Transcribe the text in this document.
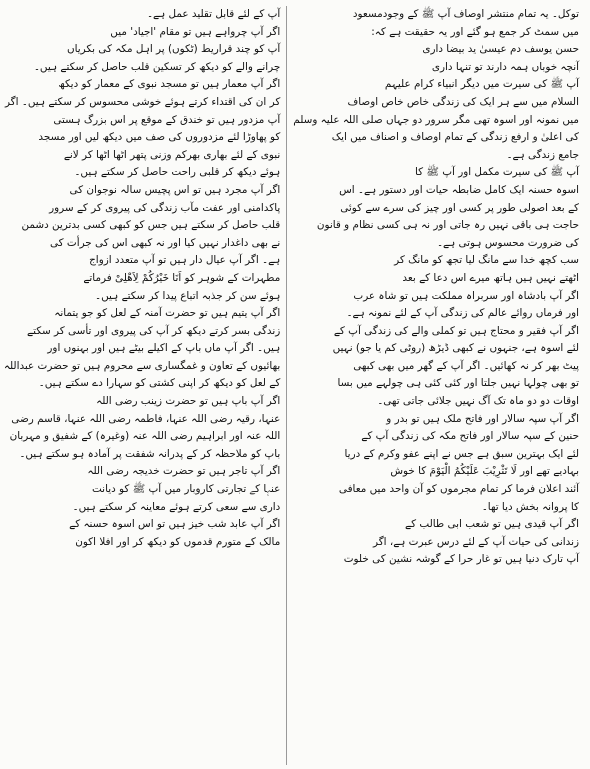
توکل۔ یہ تمام منتشر اوصاف آپ ﷺ کے وجودمسعود
میں سمٹ کر جمع ہو گئے اور یہ حقیقت ہے کہ:
حسن یوسف دم عیسیٰ ید بیضا داری
آنچہ خوباں ہمہ دارند تو تنہا داری
آپ ﷺ کی سیرت میں دیگر انبیاء کرام علیہم
السلام میں سے ہر ایک کی زندگی خاص خاص اوصاف
میں نمونہ اور اسوہ تھی مگر سرور دو جہاں صلی اللہ علیہ وسلم
کی اعلیٰ و ارفع زندگی کے تمام اوصاف و اصناف میں ایک
جامع زندگی ہے۔
آپ ﷺ کی سیرت مکمل اور آپ ﷺ کا
اسوہ حسنہ ایک کامل ضابطہ حیات اور دستور ہے۔ اس
کے بعد اصولی طور پر کسی اور چیز کی سرے سے کوئی
حاجت ہی باقی نہیں رہ جاتی اور نہ ہی کسی نظام و قانون
کی ضرورت محسوس ہوتی ہے۔
سب کچھ خدا سے مانگ لیا تجھ کو مانگ کر
اٹھتے نہیں ہیں ہاتھ میرے اس دعا کے بعد
اگر آپ بادشاہ اور سربراہ مملکت ہیں تو شاہ عرب
اور فرماں روائے عالم کی زندگی آپ کے لئے نمونہ ہے۔
اگر آپ فقیر و محتاج ہیں تو کملی والے کی زندگی آپ کے
لئے اسوہ ہے، جنہوں نے کبھی ڈیڑھ (روٹی کم یا جو) نہیں
پیٹ بھر کر نہ کھائیں۔ اگر آپ کے گھر میں بھی کبھی
تو بھی چولہا نہیں جلتا اور کئی کئی ہی چولہے میں بسا
اوقات دو دو ماہ تک آگ نہیں جلائی جاتی تھی۔
اگر آپ سپہ سالار اور فاتح ملک ہیں تو بدر و
حنین کے سپہ سالار اور فاتح مکہ کی زندگی آپ کے
لئے ایک بہترین سبق ہے جس نے اپنے عفو وکرم کے دریا
بہادیے تھے اور لَا تَثْرِیْبَ عَلَیْکُمُ الْیَوْمَ کا خوش
آئند اعلان فرما کر تمام مجرموں کو آن واحد میں معافی
کا پروانہ بخش دیا تھا۔
اگر آپ قیدی ہیں تو شعب ابی طالب کے
زندانی کی حیات آپ کے لئے درس عبرت ہے، اگر
آپ تارک دنیا ہیں تو غار حرا کے گوشہ نشین کی خلوت
آپ کے لئے قابل تقلید عمل ہے۔
اگر آپ چرواہے ہیں تو مقام 'اجیاد' میں
آپ کو چند قراریط (ٹکوں) پر اہل مکہ کی بکریاں
چرانے والے کو دیکھ کر تسکین قلب حاصل کر سکتے ہیں۔
اگر آپ معمار ہیں تو مسجد نبوی کے معمار کو دیکھ
کر ان کی اقتداء کرتے ہوئے خوشی محسوس کر سکتے ہیں۔ اگر
آپ مزدور ہیں تو خندق کے موقع پر اس بزرگ ہستی
کو پھاوڑا لئے مزدوروں کی صف میں دیکھ لیں اور مسجد
نبوی کے لئے بھاری بھرکم وزنی پتھر اٹھا اٹھا کر لانے
ہوئے دیکھ کر قلبی راحت حاصل کر سکتے ہیں۔
اگر آپ مجرد ہیں تو اس پچیس سالہ نوجوان کی
پاکدامنی اور عفت مآب زندگی کی پیروی کر کے سرور
قلب حاصل کر سکتے ہیں جس کو کبھی کسی بدترین دشمن
نے بھی داغدار نہیں کیا اور نہ کبھی اس کی جرأت کی
ہے۔ اگر آپ عیال دار ہیں تو آپ متعدد ازواج
مطہرات کے شوہر کو اَنَا خَیْرُکُمْ لِاَھْلِیْ فرماتے
ہوئے سن کر جذبہ اتباع پیدا کر سکتے ہیں۔
اگر آپ یتیم ہیں تو حضرت آمنہ کے لعل کو جو یتمانہ
زندگی بسر کرتے دیکھ کر آپ کی پیروی اور تأسی کر سکتے
ہیں۔ اگر آپ ماں باپ کے اکیلے بیٹے ہیں اور بہنوں اور
بھائیوں کے تعاون و غمگساری سے محروم ہیں تو حضرت عبداللہ
کے لعل کو دیکھ کر اپنی کشتی کو سہارا دے سکتے ہیں۔
اگر آپ باپ ہیں تو حضرت زینب رضی اللہ
عنہا، رقیہ رضی اللہ عنہا، فاطمہ رضی اللہ عنہا، قاسم رضی
اللہ عنہ اور ابراہیم رضی اللہ عنہ (وغیرہ) کے شفیق و مہربان
باپ کو ملاحظہ کر کے پدرانہ شفقت پر آمادہ ہو سکتے ہیں۔
اگر آپ تاجر ہیں تو حضرت خدیجہ رضی اللہ
عنہا کے تجارتی کاروبار میں آپ ﷺ کو دیانت
داری سے سعی کرتے ہوئے معاینہ کر سکتے ہیں۔
اگر آپ عابد شب خیز ہیں تو اس اسوہ حسنہ کے
مالک کے متورم قدموں کو دیکھ کر اور افلا اکون
